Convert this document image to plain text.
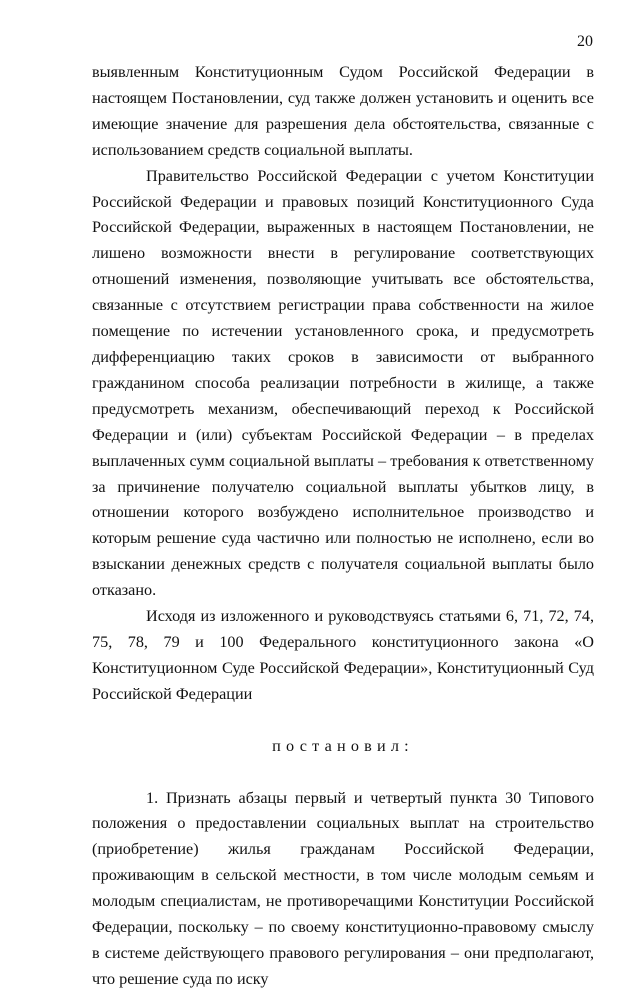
20

выявленным Конституционным Судом Российской Федерации в настоящем Постановлении, суд также должен установить и оценить все имеющие значение для разрешения дела обстоятельства, связанные с использованием средств социальной выплаты.

Правительство Российской Федерации с учетом Конституции Российской Федерации и правовых позиций Конституционного Суда Российской Федерации, выраженных в настоящем Постановлении, не лишено возможности внести в регулирование соответствующих отношений изменения, позволяющие учитывать все обстоятельства, связанные с отсутствием регистрации права собственности на жилое помещение по истечении установленного срока, и предусмотреть дифференциацию таких сроков в зависимости от выбранного гражданином способа реализации потребности в жилище, а также предусмотреть механизм, обеспечивающий переход к Российской Федерации и (или) субъектам Российской Федерации – в пределах выплаченных сумм социальной выплаты – требования к ответственному за причинение получателю социальной выплаты убытков лицу, в отношении которого возбуждено исполнительное производство и которым решение суда частично или полностью не исполнено, если во взыскании денежных средств с получателя социальной выплаты было отказано.

Исходя из изложенного и руководствуясь статьями 6, 71, 72, 74, 75, 78, 79 и 100 Федерального конституционного закона «О Конституционном Суде Российской Федерации», Конституционный Суд Российской Федерации

постановил:

1. Признать абзацы первый и четвертый пункта 30 Типового положения о предоставлении социальных выплат на строительство (приобретение) жилья гражданам Российской Федерации, проживающим в сельской местности, в том числе молодым семьям и молодым специалистам, не противоречащими Конституции Российской Федерации, поскольку – по своему конституционно-правовому смыслу в системе действующего правового регулирования – они предполагают, что решение суда по иску
